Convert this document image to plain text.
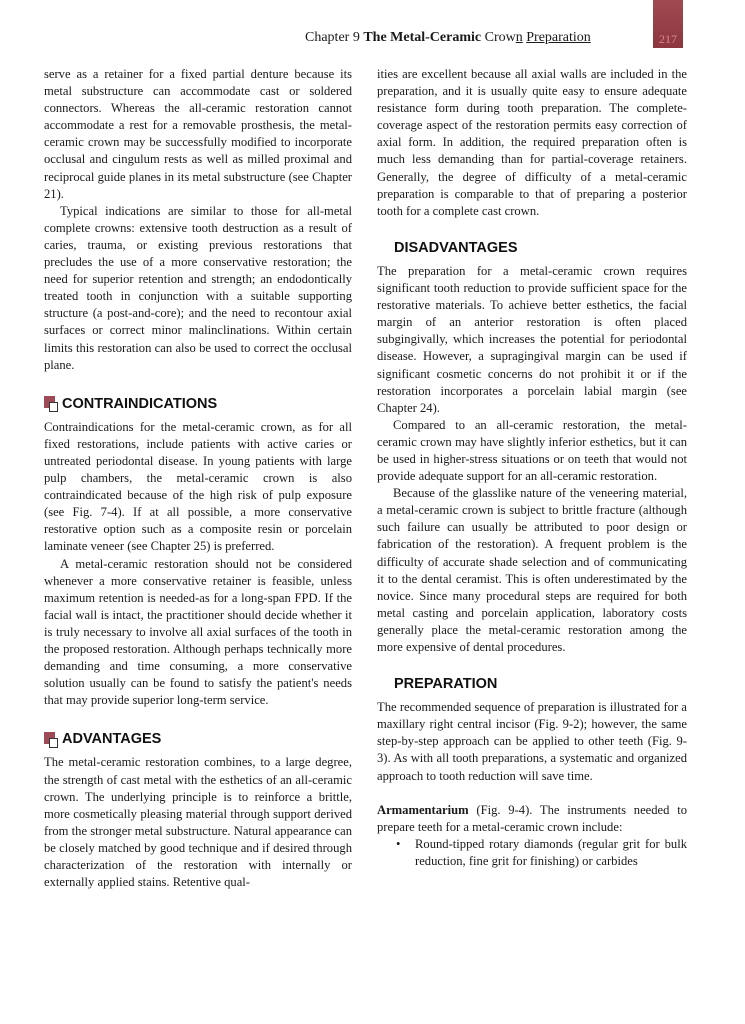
Chapter 9 The Metal-Ceramic Crown Preparation	217

serve as a retainer for a fixed partial denture because its metal substructure can accommodate cast or soldered connectors. Whereas the all-ceramic restoration cannot accommodate a rest for a removable prosthesis, the metal-ceramic crown may be successfully modified to incorporate occlusal and cingulum rests as well as milled proximal and reciprocal guide planes in its metal substructure (see Chapter 21).

Typical indications are similar to those for all-metal complete crowns: extensive tooth destruction as a result of caries, trauma, or existing previous restorations that precludes the use of a more conservative restoration; the need for superior retention and strength; an endodontically treated tooth in conjunction with a suitable supporting structure (a post-and-core); and the need to recontour axial surfaces or correct minor malinclinations. Within certain limits this restoration can also be used to correct the occlusal plane.

CONTRAINDICATIONS

Contraindications for the metal-ceramic crown, as for all fixed restorations, include patients with active caries or untreated periodontal disease. In young patients with large pulp chambers, the metal-ceramic crown is also contraindicated because of the high risk of pulp exposure (see Fig. 7-4). If at all possible, a more conservative restorative option such as a composite resin or porcelain laminate veneer (see Chapter 25) is preferred.

A metal-ceramic restoration should not be considered whenever a more conservative retainer is feasible, unless maximum retention is needed-as for a long-span FPD. If the facial wall is intact, the practitioner should decide whether it is truly necessary to involve all axial surfaces of the tooth in the proposed restoration. Although perhaps technically more demanding and time consuming, a more conservative solution usually can be found to satisfy the patient's needs that may provide superior long-term service.

ADVANTAGES

The metal-ceramic restoration combines, to a large degree, the strength of cast metal with the esthetics of an all-ceramic crown. The underlying principle is to reinforce a brittle, more cosmetically pleasing material through support derived from the stronger metal substructure. Natural appearance can be closely matched by good technique and if desired through characterization of the restoration with internally or externally applied stains. Retentive qual-

ities are excellent because all axial walls are included in the preparation, and it is usually quite easy to ensure adequate resistance form during tooth preparation. The complete-coverage aspect of the restoration permits easy correction of axial form. In addition, the required preparation often is much less demanding than for partial-coverage retainers. Generally, the degree of difficulty of a metal-ceramic preparation is comparable to that of preparing a posterior tooth for a complete cast crown.

DISADVANTAGES

The preparation for a metal-ceramic crown requires significant tooth reduction to provide sufficient space for the restorative materials. To achieve better esthetics, the facial margin of an anterior restoration is often placed subgingivally, which increases the potential for periodontal disease. However, a supragingival margin can be used if significant cosmetic concerns do not prohibit it or if the restoration incorporates a porcelain labial margin (see Chapter 24).

Compared to an all-ceramic restoration, the metal-ceramic crown may have slightly inferior esthetics, but it can be used in higher-stress situations or on teeth that would not provide adequate support for an all-ceramic restoration.

Because of the glasslike nature of the veneering material, a metal-ceramic crown is subject to brittle fracture (although such failure can usually be attributed to poor design or fabrication of the restoration). A frequent problem is the difficulty of accurate shade selection and of communicating it to the dental ceramist. This is often underestimated by the novice. Since many procedural steps are required for both metal casting and porcelain application, laboratory costs generally place the metal-ceramic restoration among the more expensive of dental procedures.

PREPARATION

The recommended sequence of preparation is illustrated for a maxillary right central incisor (Fig. 9-2); however, the same step-by-step approach can be applied to other teeth (Fig. 9-3). As with all tooth preparations, a systematic and organized approach to tooth reduction will save time.

Armamentarium (Fig. 9-4). The instruments needed to prepare teeth for a metal-ceramic crown include:

• Round-tipped rotary diamonds (regular grit for bulk reduction, fine grit for finishing) or carbides
